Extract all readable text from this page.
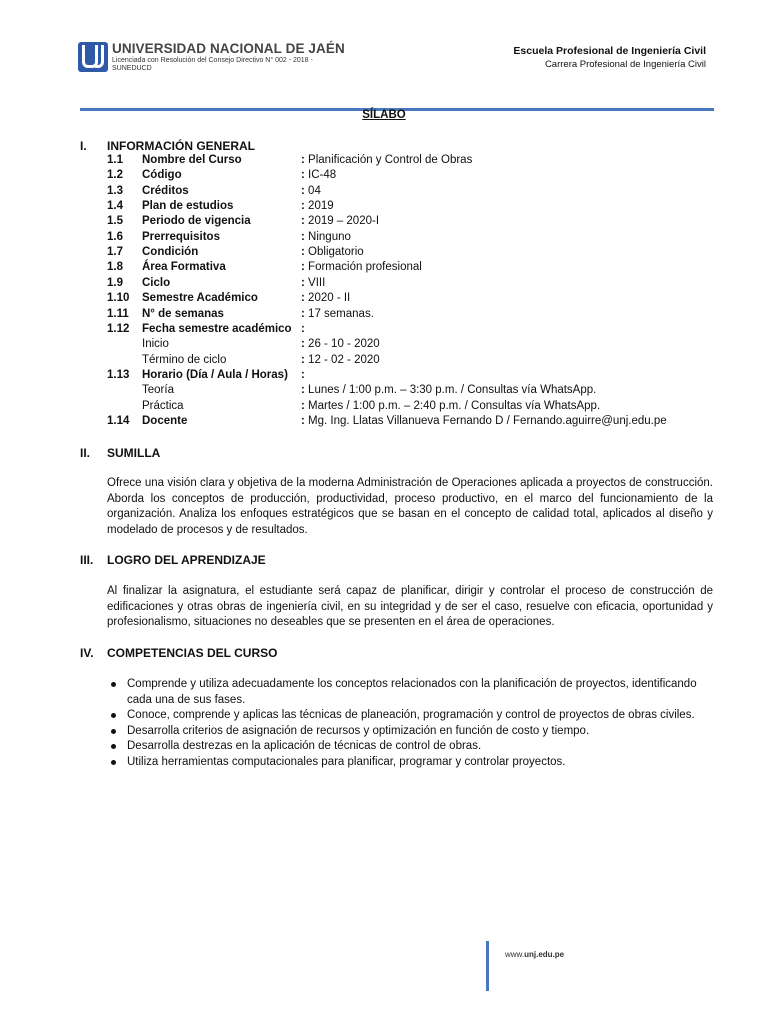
UNIVERSIDAD NACIONAL DE JAÉN
Licenciada con Resolución del Consejo Directivo N° 002 - 2018 -
SUNEDUCD
Escuela Profesional de Ingeniería Civil
Carrera Profesional de Ingeniería Civil
SÍLABO
I. INFORMACIÓN GENERAL
1.1 Nombre del Curso	: Planificación y Control de Obras
1.2 Código	: IC-48
1.3 Créditos	: 04
1.4 Plan de estudios	: 2019
1.5 Periodo de vigencia	: 2019 – 2020-I
1.6 Prerrequisitos	: Ninguno
1.7 Condición	: Obligatorio
1.8 Área Formativa	: Formación profesional
1.9 Ciclo	: VIII
1.10 Semestre Académico	: 2020 - II
1.11 N° de semanas	: 17 semanas.
1.12 Fecha semestre académico :
Inicio	: 26 - 10 - 2020
Término de ciclo	: 12 - 02 - 2020
1.13 Horario (Día / Aula / Horas) :
Teoría	: Lunes / 1:00 p.m. – 3:30 p.m. / Consultas vía WhatsApp.
Práctica	: Martes / 1:00 p.m. – 2:40 p.m. / Consultas vía WhatsApp.
1.14 Docente	: Mg. Ing. Llatas Villanueva Fernando D / Fernando.aguirre@unj.edu.pe
II. SUMILLA
Ofrece una visión clara y objetiva de la moderna Administración de Operaciones aplicada a proyectos de construcción. Aborda los conceptos de producción, productividad, proceso productivo, en el marco del funcionamiento de la organización. Analiza los enfoques estratégicos que se basan en el concepto de calidad total, aplicados al diseño y modelado de procesos y de resultados.
III. LOGRO DEL APRENDIZAJE
Al finalizar la asignatura, el estudiante será capaz de planificar, dirigir y controlar el proceso de construcción de edificaciones y otras obras de ingeniería civil, en su integridad y de ser el caso, resuelve con eficacia, oportunidad y profesionalismo, situaciones no deseables que se presenten en el área de operaciones.
IV. COMPETENCIAS DEL CURSO
Comprende y utiliza adecuadamente los conceptos relacionados con la planificación de proyectos, identificando cada una de sus fases.
Conoce, comprende y aplicas las técnicas de planeación, programación y control de proyectos de obras civiles.
Desarrolla criterios de asignación de recursos y optimización en función de costo y tiempo.
Desarrolla destrezas en la aplicación de técnicas de control de obras.
Utiliza herramientas computacionales para planificar, programar y controlar proyectos.
www.unj.edu.pe
